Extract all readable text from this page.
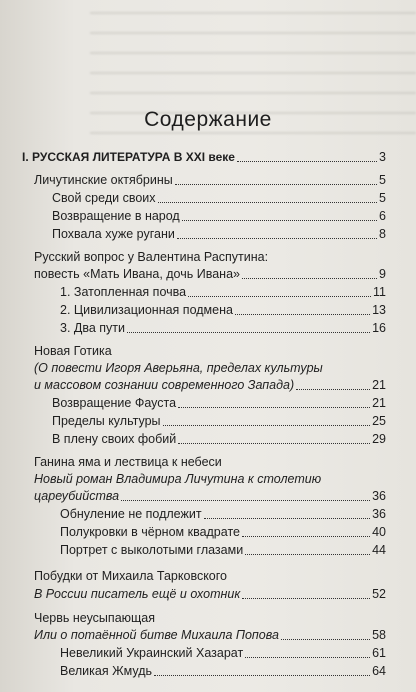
Содержание
I. РУССКАЯ ЛИТЕРАТУРА В XXI веке	3
Личутинские октябрины	5
Свой среди своих	5
Возвращение в народ	6
Похвала хуже ругани	8
Русский вопрос у Валентина Распутина:
повесть «Мать Ивана, дочь Ивана»	9
1. Затопленная почва	11
2. Цивилизационная подмена	13
3. Два пути	16
Новая Готика
(О повести Игоря Аверьяна, пределах культуры
и массовом сознании современного Запада)	21
Возвращение Фауста	21
Пределы культуры	25
В плену своих фобий	29
Ганина яма и лествица к небеси
Новый роман Владимира Личутина к столетию
цареубийства	36
Обнуление не подлежит	36
Полукровки в чёрном квадрате	40
Портрет с выколотыми глазами	44
Побудки от Михаила Тарковского
В России писатель ещё и охотник	52
Червь неусыпающая
Или о потаённой битве Михаила Попова	58
Невеликий Украинский Хазарат	61
Великая Жмудь	64
